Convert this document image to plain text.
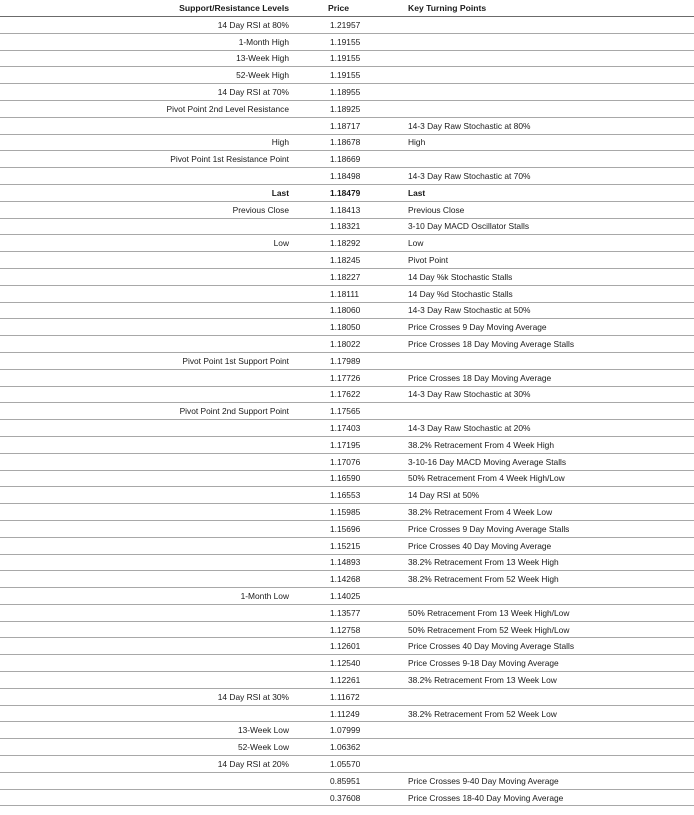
Support/Resistance Levels	Price	Key Turning Points
14 Day RSI at 80%	1.21957	
1-Month High	1.19155	
13-Week High	1.19155	
52-Week High	1.19155	
14 Day RSI at 70%	1.18955	
Pivot Point 2nd Level Resistance	1.18925	
	1.18717	14-3 Day Raw Stochastic at 80%
High	1.18678	High
Pivot Point 1st Resistance Point	1.18669	
	1.18498	14-3 Day Raw Stochastic at 70%
Last	1.18479	Last
Previous Close	1.18413	Previous Close
	1.18321	3-10 Day MACD Oscillator Stalls
Low	1.18292	Low
	1.18245	Pivot Point
	1.18227	14 Day %k Stochastic Stalls
	1.18111	14 Day %d Stochastic Stalls
	1.18060	14-3 Day Raw Stochastic at 50%
	1.18050	Price Crosses 9 Day Moving Average
	1.18022	Price Crosses 18 Day Moving Average Stalls
Pivot Point 1st Support Point	1.17989	
	1.17726	Price Crosses 18 Day Moving Average
	1.17622	14-3 Day Raw Stochastic at 30%
Pivot Point 2nd Support Point	1.17565	
	1.17403	14-3 Day Raw Stochastic at 20%
	1.17195	38.2% Retracement From 4 Week High
	1.17076	3-10-16 Day MACD Moving Average Stalls
	1.16590	50% Retracement From 4 Week High/Low
	1.16553	14 Day RSI at 50%
	1.15985	38.2% Retracement From 4 Week Low
	1.15696	Price Crosses 9 Day Moving Average Stalls
	1.15215	Price Crosses 40 Day Moving Average
	1.14893	38.2% Retracement From 13 Week High
	1.14268	38.2% Retracement From 52 Week High
1-Month Low	1.14025	
	1.13577	50% Retracement From 13 Week High/Low
	1.12758	50% Retracement From 52 Week High/Low
	1.12601	Price Crosses 40 Day Moving Average Stalls
	1.12540	Price Crosses 9-18 Day Moving Average
	1.12261	38.2% Retracement From 13 Week Low
14 Day RSI at 30%	1.11672	
	1.11249	38.2% Retracement From 52 Week Low
13-Week Low	1.07999	
52-Week Low	1.06362	
14 Day RSI at 20%	1.05570	
	0.85951	Price Crosses 9-40 Day Moving Average
	0.37608	Price Crosses 18-40 Day Moving Average
